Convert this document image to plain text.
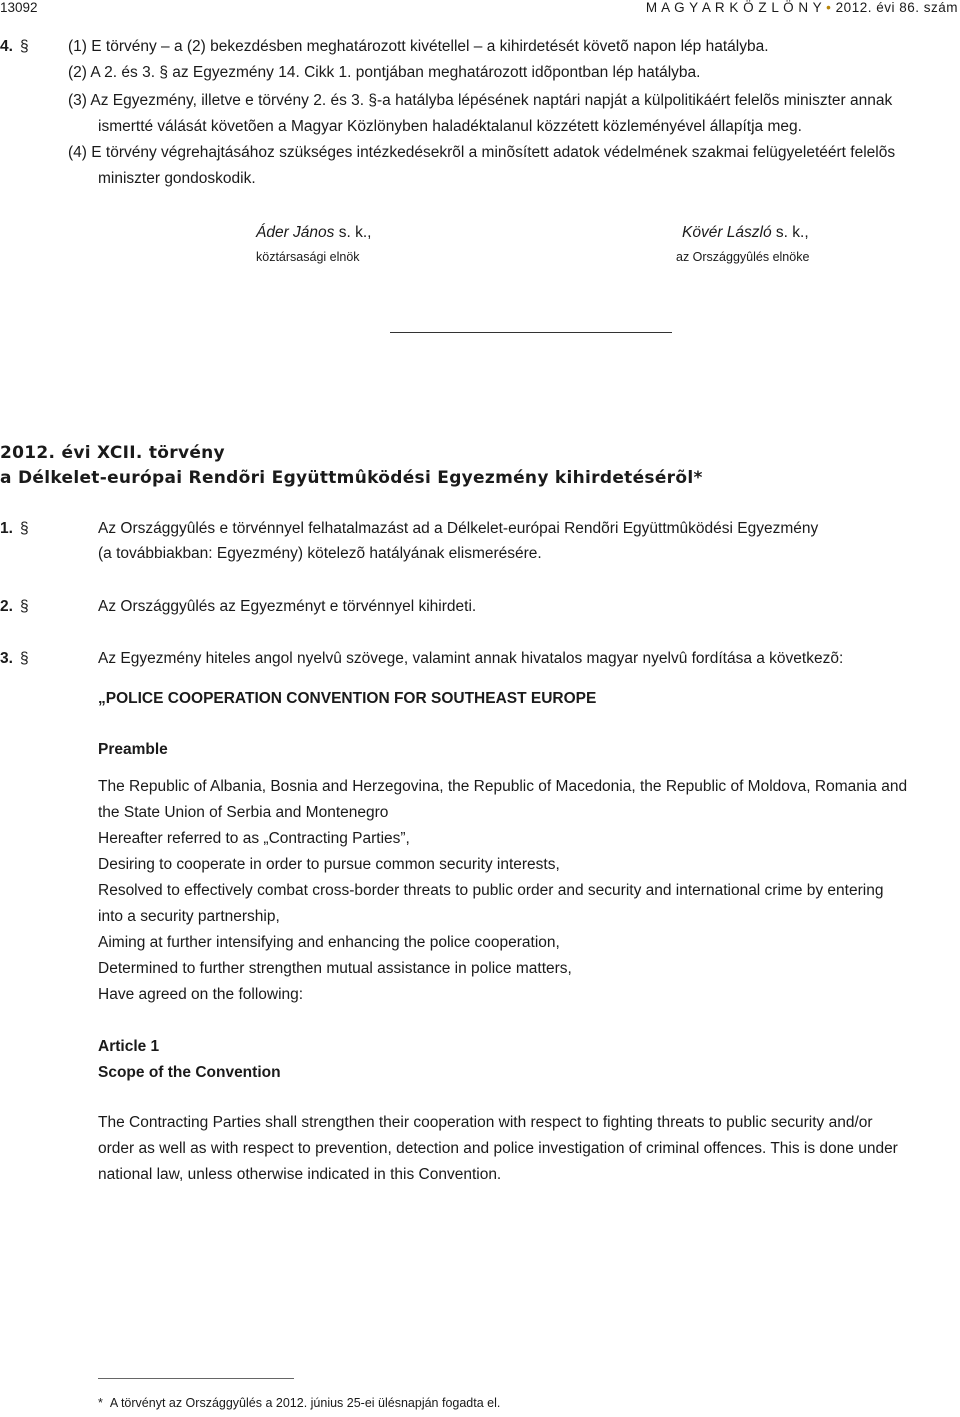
13092	M A G Y A R K Ö Z L Ö N Y • 2012. évi 86. szám
4. §	(1) E törvény – a (2) bekezdésben meghatározott kivétellel – a kihirdetését követõ napon lép hatályba.
(2) A 2. és 3. § az Egyezmény 14. Cikk 1. pontjában meghatározott idõpontban lép hatályba.
(3) Az Egyezmény, illetve e törvény 2. és 3. §-a hatályba lépésének naptári napját a külpolitikáért felelõs miniszter annak
ismertté válását követõen a Magyar Közlönyben haladéktalanul közzétett közleményével állapítja meg.
(4) E törvény végrehajtásához szükséges intézkedésekrõl a minõsített adatok védelmének szakmai felügyeletéért felelõs
miniszter gondoskodik.
Áder János s. k.,
köztársasági elnök
Kövér László s. k.,
az Országgyûlés elnöke
2012. évi XCII. törvény
a Délkelet-európai Rendõri Együttmûködési Egyezmény kihirdetésérõl*
1. §	Az Országgyûlés e törvénnyel felhatalmazást ad a Délkelet-európai Rendõri Együttmûködési Egyezmény
(a továbbiakban: Egyezmény) kötelezõ hatályának elismerésére.
2. §	Az Országgyûlés az Egyezményt e törvénnyel kihirdeti.
3. §	Az Egyezmény hiteles angol nyelvû szövege, valamint annak hivatalos magyar nyelvû fordítása a következõ:
„POLICE COOPERATION CONVENTION FOR SOUTHEAST EUROPE
Preamble
The Republic of Albania, Bosnia and Herzegovina, the Republic of Macedonia, the Republic of Moldova, Romania and
the State Union of Serbia and Montenegro
Hereafter referred to as „Contracting Parties”,
Desiring to cooperate in order to pursue common security interests,
Resolved to effectively combat cross-border threats to public order and security and international crime by entering
into a security partnership,
Aiming at further intensifying and enhancing the police cooperation,
Determined to further strengthen mutual assistance in police matters,
Have agreed on the following:
Article 1
Scope of the Convention
The Contracting Parties shall strengthen their cooperation with respect to fighting threats to public security and/or
order as well as with respect to prevention, detection and police investigation of criminal offences. This is done under
national law, unless otherwise indicated in this Convention.
* A törvényt az Országgyûlés a 2012. június 25-ei ülésnapján fogadta el.
